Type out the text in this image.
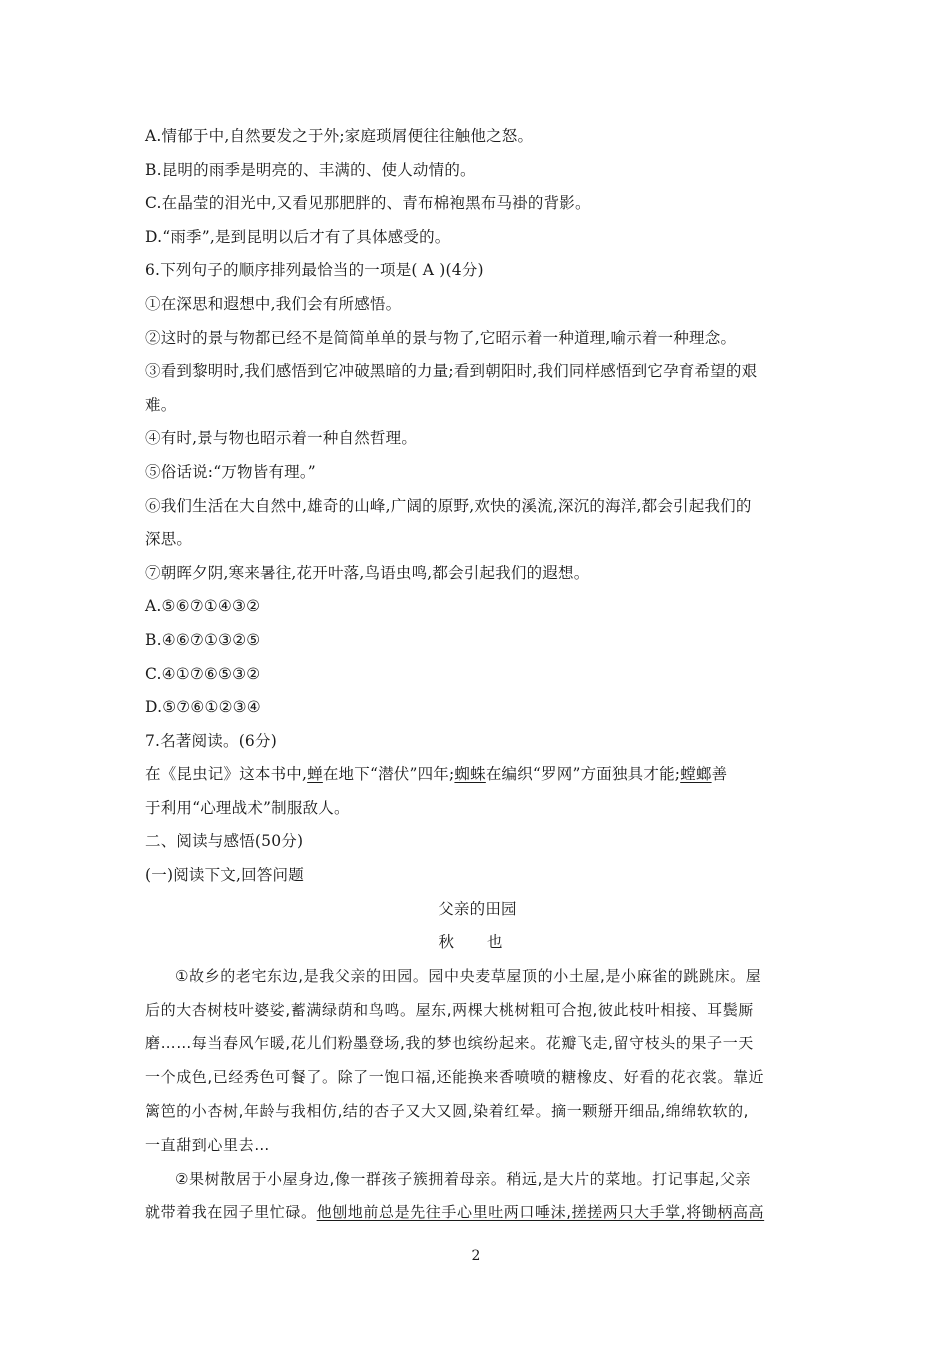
A.情郁于中,自然要发之于外;家庭琐屑便往往触他之怒。
B.昆明的雨季是明亮的、丰满的、使人动情的。
C.在晶莹的泪光中,又看见那肥胖的、青布棉袍黑布马褂的背影。
D.“雨季”,是到昆明以后才有了具体感受的。
6.下列句子的顺序排列最恰当的一项是( A )(4分)
①在深思和遐想中,我们会有所感悟。
②这时的景与物都已经不是简简单单的景与物了,它昭示着一种道理,喻示着一种理念。
③看到黎明时,我们感悟到它冲破黑暗的力量;看到朝阳时,我们同样感悟到它孕育希望的艰
难。
④有时,景与物也昭示着一种自然哲理。
⑤俗话说:“万物皆有理。”
⑥我们生活在大自然中,雄奇的山峰,广阔的原野,欢快的溪流,深沉的海洋,都会引起我们的
深思。
⑦朝晖夕阴,寒来暑往,花开叶落,鸟语虫鸣,都会引起我们的遐想。
A.⑤⑥⑦①④③②
B.④⑥⑦①③②⑤
C.④①⑦⑥⑤③②
D.⑤⑦⑥①②③④
7.名著阅读。(6分)
在《昆虫记》这本书中,蝉在地下“潜伏”四年;蜘蛛在编织“罗网”方面独具才能;螳螂善
于利用“心理战术”制服敌人。
二、阅读与感悟(50分)
(一)阅读下文,回答问题
父亲的田园
秋 也
①故乡的老宅东边,是我父亲的田园。园中央麦草屋顶的小土屋,是小麻雀的跳跳床。屋
后的大杏树枝叶婆娑,蓄满绿荫和鸟鸣。屋东,两棵大桃树粗可合抱,彼此枝叶相接、耳鬓厮
磨……每当春风乍暖,花儿们粉墨登场,我的梦也缤纷起来。花瓣飞走,留守枝头的果子一天
一个成色,已经秀色可餐了。除了一饱口福,还能换来香喷喷的糖橡皮、好看的花衣裳。靠近
篱笆的小杏树,年龄与我相仿,结的杏子又大又圆,染着红晕。摘一颗掰开细品,绵绵软软的,
一直甜到心里去…
②果树散居于小屋身边,像一群孩子簇拥着母亲。稍远,是大片的菜地。打记事起,父亲
就带着我在园子里忙碌。他刨地前总是先往手心里吐两口唾沫,搓搓两只大手掌,将锄柄高高
2
